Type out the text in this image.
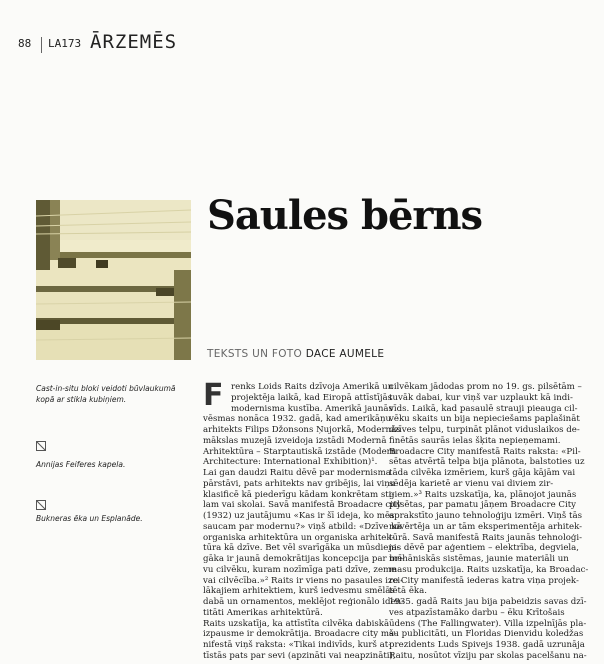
88 LA173 ĀRZEMĒS
Saules bērns
TEKSTS UN FOTO DACE AUMELE
Cast-in-situ bloki veidoti būvlaukumā kopā ar stikla kubiņiem.
Annijas Feiferes kapela.
Bukneras ēka un Esplanāde.
F renks Loids Raits dzīvoja Amerikā un
projektēja laikā, kad Eiropā attīstījās
modernisma kustība. Amerikā jaunās
vēsmas nonāca 1932. gadā, kad amerikāņu
arhitekts Filips Džonsons Ņujorkā, Modernās
mākslas muzejā izveidoja izstādi Modernā
Arhitektūra – Starptautiskā izstāde (Modern
Architecture: International Exhibition)¹.
Lai gan daudzi Raitu dēvē par modernisma
pārstāvi, pats arhitekts nav gribējis, lai viņu
klasificē kā piederīgu kādam konkrētam sti-
lam vai skolai. Savā manifestā Broadacre city
(1932) uz jautājumu «Kas ir šī ideja, ko mēs
saucam par modernu?» viņš atbild: «Dzīve kā
organiska arhitektūra un organiska arhitek-
tūra kā dzīve. Bet vēl svarīgāka un mūsdieni-
gāka ir jaunā demokrātijas koncepcija par brī-
vu cilvēku, kuram nozīmīga pati dzīve, zeme
vai cilvēcība.»² Raits ir viens no pasaules izci-
lākajiem arhitektiem, kurš iedvesmu smēlās
dabā un ornamentos, meklējot reģionālo iden-
titāti Amerikas arhitektūrā.
Raits uzskatīja, ka attīstīta cilvēka dabiskā
izpausme ir demokrātija. Broadacre city ma-
nifestā viņš raksta: «Tikai indivīds, kurš at-
tīstās pats par sevi (apzināti vai neapzināti),
cilvēkam jādodas prom no 19. gs. pilsētām –
tuvāk dabai, kur viņš var uzplaukt kā indi-
vīds. Laikā, kad pasaulē strauji pieauga cil-
vēku skaits un bija nepieciešams paplašināt
dzīves telpu, turpināt plānot viduslaikos de-
finētās saurās ielas šķita nepieņemami.
Broadacre City manifestā Raits raksta: «Pil-
sētas atvērtā telpa bija plānota, balstoties uz
tāda cilvēka izmēriem, kurš gāja kājām vai
sēdēja karietē ar vienu vai diviem zir-
giem.»³ Raits uzskatīja, ka, plānojot jaunās
pilsētas, par pamatu jāņem Broadacre City
aprakstīto jauno tehnoloģiju izmēri. Viņš tās
novērtēja un ar tām eksperimentēja arhitek-
tūrā. Savā manifestā Raits jaunās tehnoloģi-
jas dēvē par aģentiem – elektrība, degviela,
mehāniskās sistēmas, jaunie materiāli un
masu produkcija. Raits uzskatīja, ka Broadac-
re City manifestā iederas katra viņa projek-
tētā ēka.
1935. gadā Raits jau bija pabeidzis savas dzī-
ves atpazīstamāko darbu – ēku Krītošais
ūdens (The Fallingwater). Villa izpelnījās pla-
šu publicitāti, un Floridas Dienvidu koledžas
prezidents Luds Spivejs 1938. gadā uzrunāja
Raitu, nosūtot vīziju par skolas pacelšanu na-
